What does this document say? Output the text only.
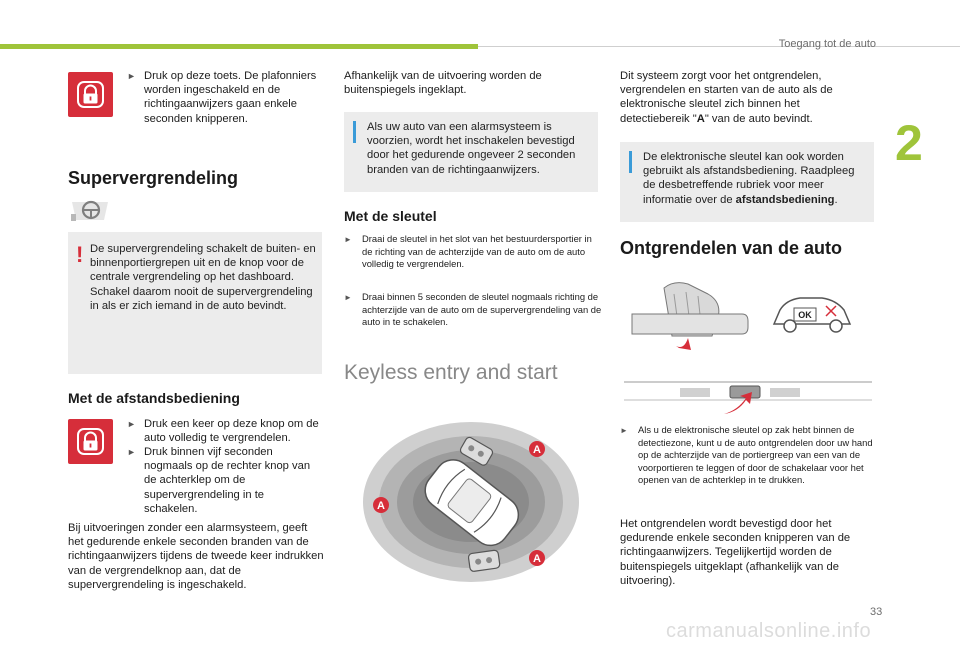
Toegang tot de auto
2
33
carmanualsonline.info
► Druk op deze toets. De plafonniers worden ingeschakeld en de richtingaanwijzers gaan enkele seconden knipperen.
Supervergrendeling
! De supervergrendeling schakelt de buiten- en binnenportiergrepen uit en de knop voor de centrale vergrendeling op het dashboard.
Schakel daarom nooit de supervergrendeling in als er zich iemand in de auto bevindt.
Met de afstandsbediening
► Druk een keer op deze knop om de auto volledig te vergrendelen.
► Druk binnen vijf seconden nogmaals op de rechter knop van de achterklep om de supervergrendeling in te schakelen.
Bij uitvoeringen zonder een alarmsysteem, geeft het gedurende enkele seconden branden van de richtingaanwijzers tijdens de tweede keer indrukken van de vergrendelknop aan, dat de supervergrendeling is ingeschakeld.
Afhankelijk van de uitvoering worden de buitenspiegels ingeklapt.
Als uw auto van een alarmsysteem is voorzien, wordt het inschakelen bevestigd door het gedurende ongeveer 2 seconden branden van de richtingaanwijzers.
Met de sleutel
► Draai de sleutel in het slot van het bestuurdersportier in de richting van de achterzijde van de auto om de auto volledig te vergrendelen.
► Draai binnen 5 seconden de sleutel nogmaals richting de achterzijde van de auto om de supervergrendeling van de auto in te schakelen.
Keyless entry and start
A
A
A
Dit systeem zorgt voor het ontgrendelen, vergrendelen en starten van de auto als de elektronische sleutel zich binnen het detectiebereik "A" van de auto bevindt.
De elektronische sleutel kan ook worden gebruikt als afstandsbediening. Raadpleeg de desbetreffende rubriek voor meer informatie over de afstandsbediening.
Ontgrendelen van de auto
OK
► Als u de elektronische sleutel op zak hebt binnen de detectiezone, kunt u de auto ontgrendelen door uw hand op de achterzijde van de portiergreep van een van de voorportieren te leggen of door de schakelaar voor het openen van de achterklep in te drukken.
Het ontgrendelen wordt bevestigd door het gedurende enkele seconden knipperen van de richtingaanwijzers. Tegelijkertijd worden de buitenspiegels uitgeklapt (afhankelijk van de uitvoering).
